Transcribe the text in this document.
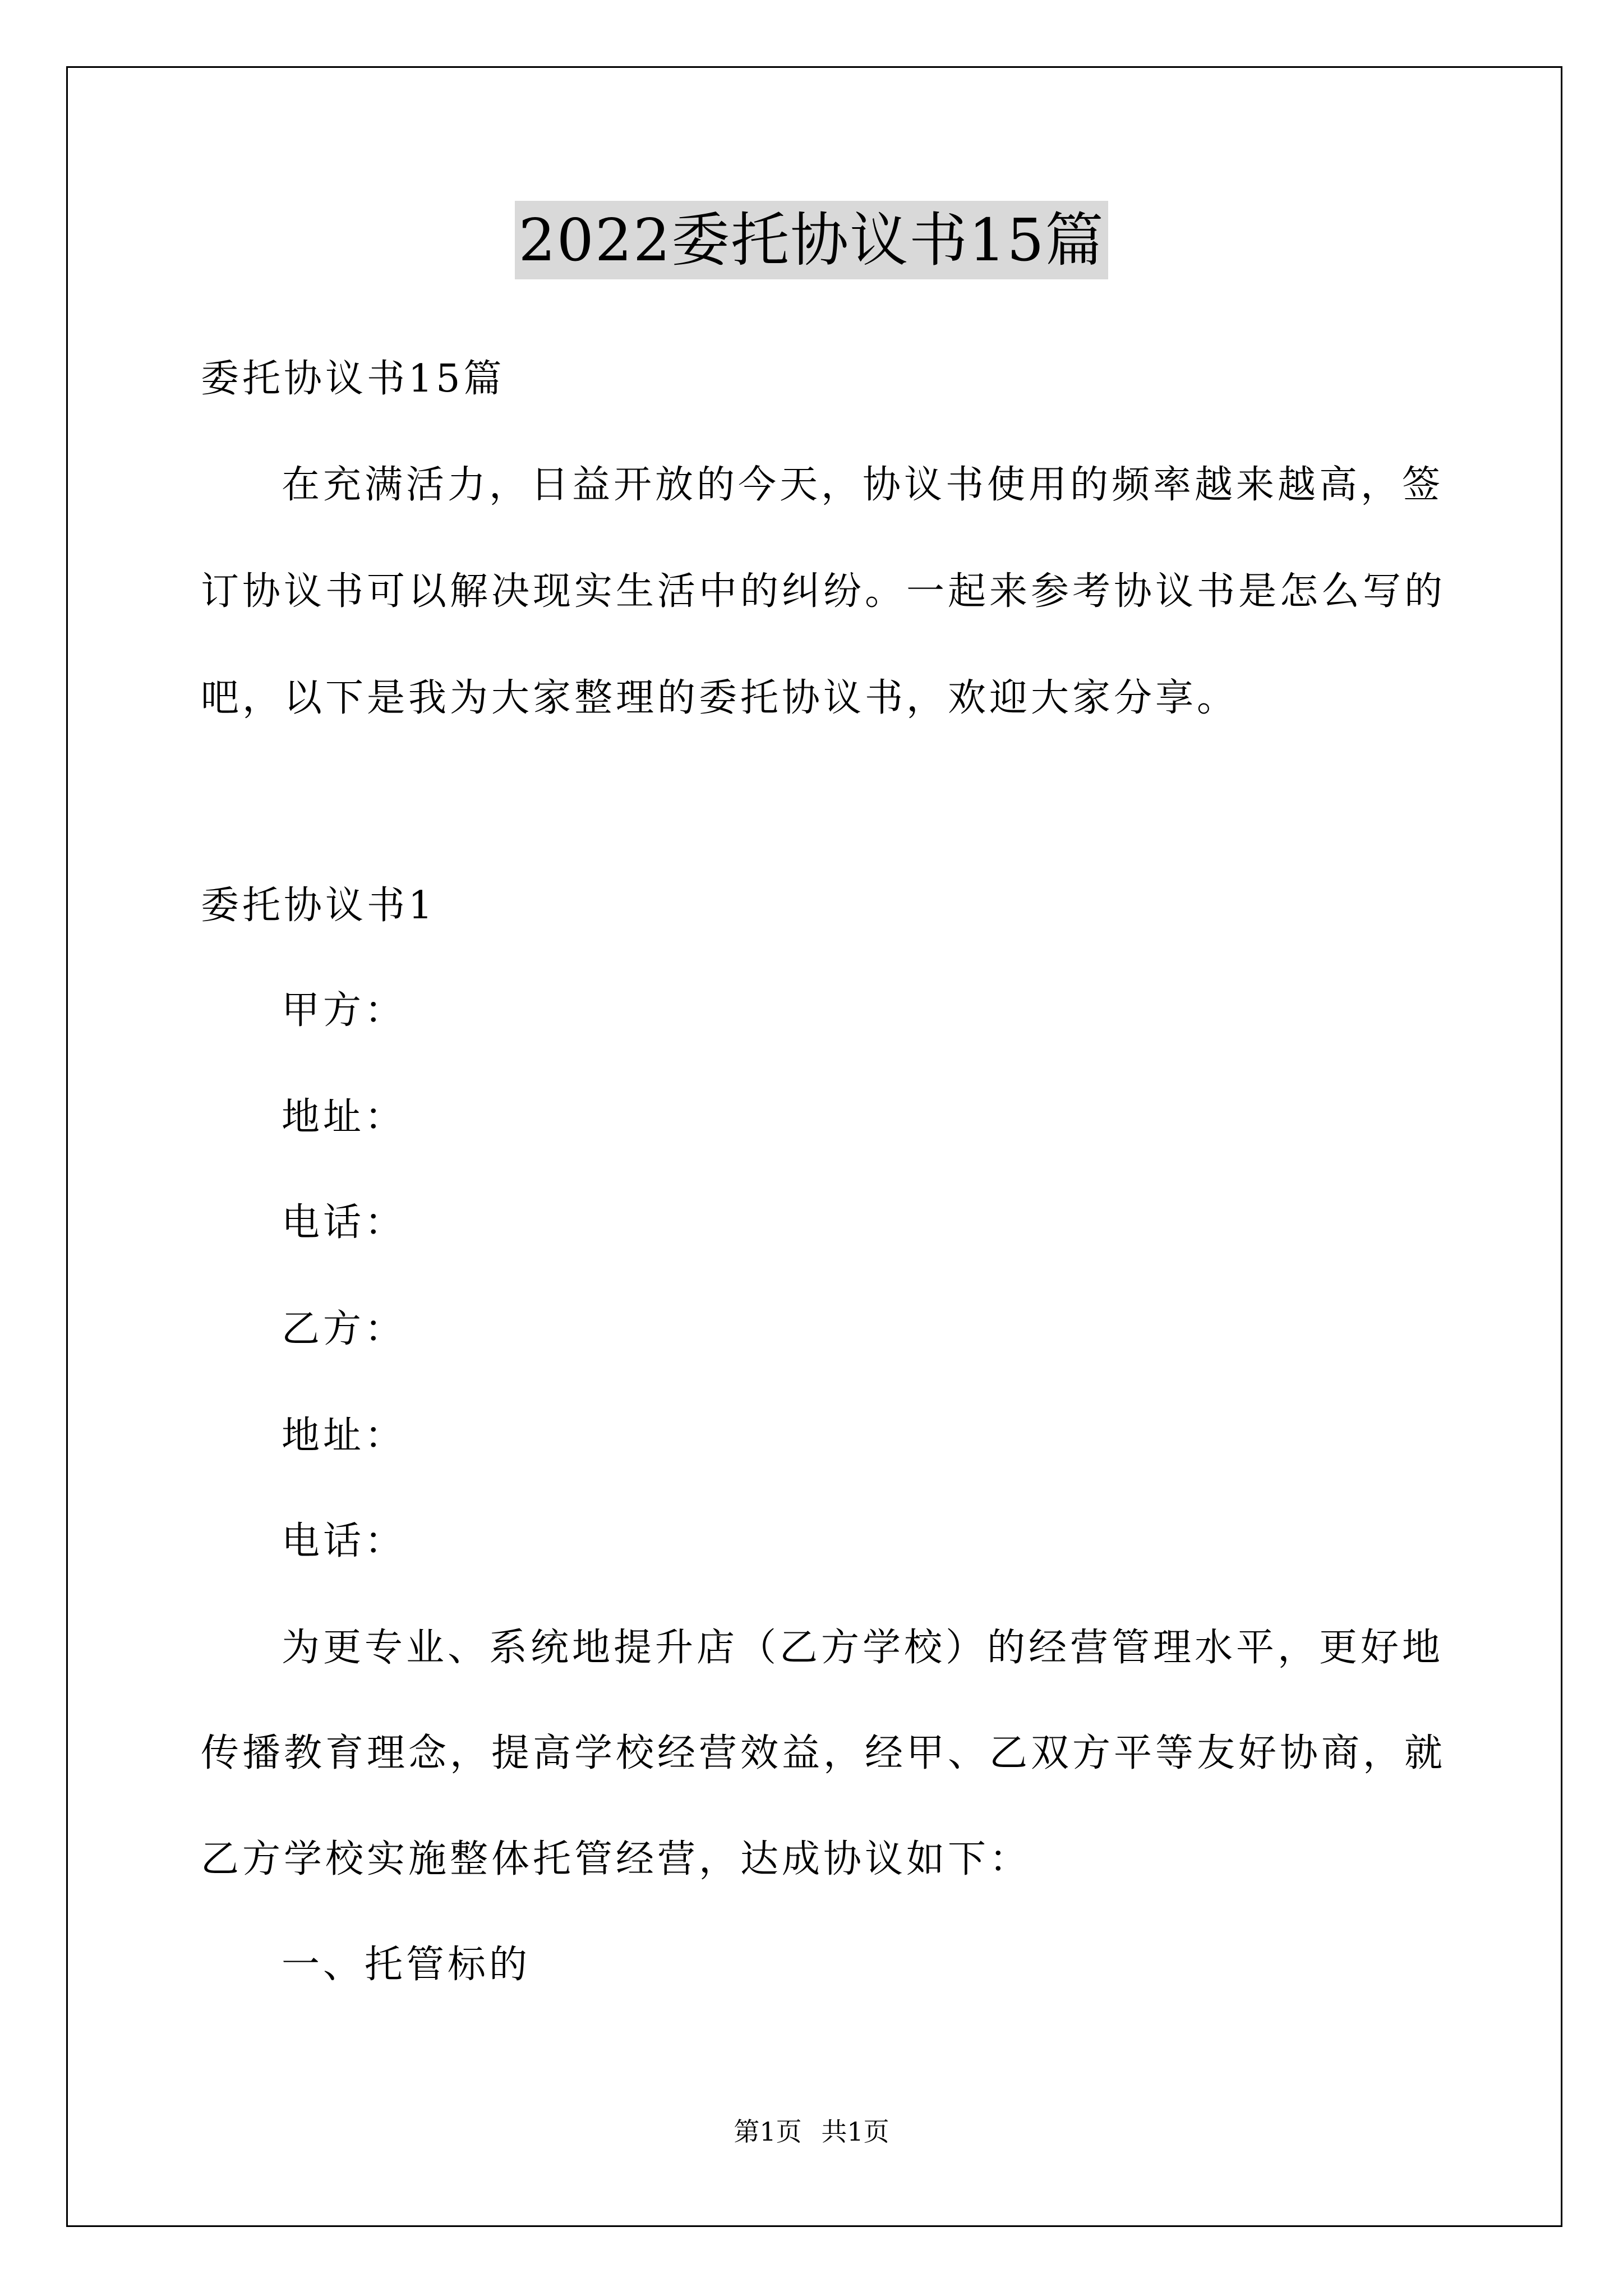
2022委托协议书15篇
委托协议书15篇
在充满活力，日益开放的今天，协议书使用的频率越来越高，签
订协议书可以解决现实生活中的纠纷。一起来参考协议书是怎么写的
吧，以下是我为大家整理的委托协议书，欢迎大家分享。
委托协议书1
甲方：
地址：
电话：
乙方：
地址：
电话：
为更专业、系统地提升店（乙方学校）的经营管理水平，更好地
传播教育理念，提高学校经营效益，经甲、乙双方平等友好协商，就
乙方学校实施整体托管经营，达成协议如下：
一、托管标的
第1页 共1页
